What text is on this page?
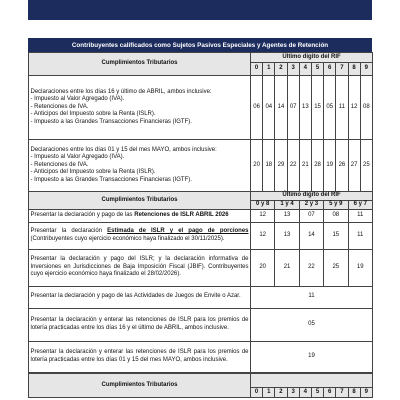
Contribuyentes calificados como Sujetos Pasivos Especiales y Agentes de Retención
Cumplimientos Tributarios	Último dígito del RIF									
	0	1	2	3	4	5	6	7	8	9

Declaraciones entre los días 16 y último de ABRIL, ambos inclusive:
- Impuesto al Valor Agregado (IVA).
- Retenciones de IVA.
- Anticipos del Impuesto sobre la Renta (ISLR).
- Impuesto a las Grandes Transacciones Financieras (IGTF).	06	04	14	07	13	15	05	11	12	08

Declaraciones entre los días 01 y 15 del mes MAYO, ambos inclusive:
- Impuesto al Valor Agregado (IVA).
- Retenciones de IVA.
- Anticipos del Impuesto sobre la Renta (ISLR).
- Impuesto a las Grandes Transacciones Financieras (IGTF).	20	18	29	22	21	28	19	26	27	25
Cumplimientos Tributarios	Último dígito del RIF									
	0 y 8		1 y 4		2 y 3		5 y 9		6 y 7	
Presentar la declaración y pago de las Retenciones de ISLR ABRIL 2026	12		13		07		08		11	
Presentar la declaración Estimada de ISLR y el pago de porciones (Contribuyentes cuyo ejercicio económico haya finalizado el 30/11/2025).	12		13		14		15		11	
Presentar la declaración y pago del ISLR; y la declaración informativa de Inversiones en Jurisdicciones de Baja Imposición Fiscal (JBIF). Contribuyentes cuyo ejercicio económico haya finalizado el 28/02/2026).	20		21		22		25		19	
Presentar la declaración y pago de las Actividades de Juegos de Envite o Azar.	11									
Presentar la declaración y enterar las retenciones de ISLR para los premios de lotería practicadas entre los días 16 y el último de ABRIL, ambos inclusive.	05									
Presentar la declaración y enterar las retenciones de ISLR para los premios de lotería practicadas entre los días 01 y 15 del mes MAYO, ambos inclusive.	19									
Cumplimientos Tributarios										
	0	1	2	3	4	5	6	7	8	9
